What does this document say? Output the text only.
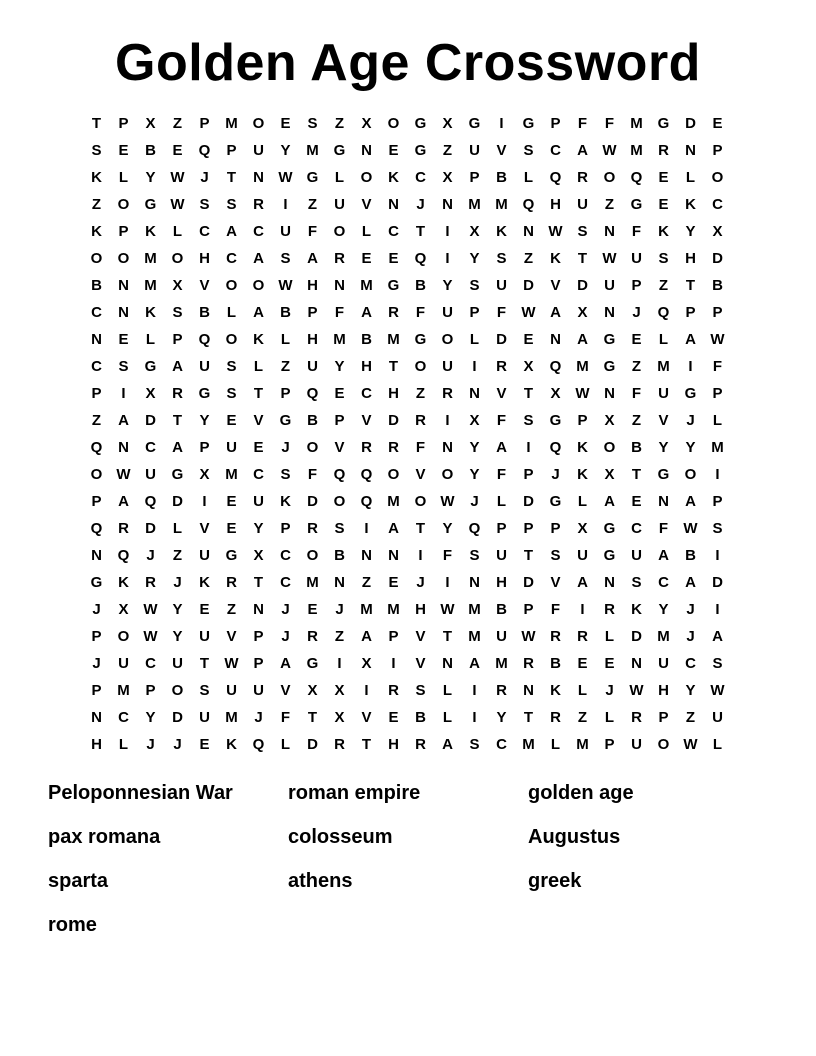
Golden Age Crossword
T	P	X	Z	P	M O	E	S	Z	X	O	G	X	G	I	G	P	F	F	M G	D	E
S	E	B	E	Q	P	U	Y	M G	N	E	G	Z	U	V	S	C	A W M	R	N	P
K	L	Y W	J	T	N W G	L	O	K	C	X	P	B	L	Q	R	O	Q	E	L	O
Z	O	G W S	S	R	I	Z	U	V	N	J	N	M M Q	H	U	Z	G	E	K	C
K	P	K	L	C	A	C	U	F	O	L	C	T	I	X	K	N W S	N	F	K	Y	X
O	O M O	H	C	A	S	A	R	E	E	Q	I	Y	S	Z	K	T	W U	S	H	D
B	N	M	X	V	O	O W H	N	M G	B	Y	S	U	D	V	D	U	P	Z	T	B
C	N	K	S	B	L	A	B	P	F	A	R	F	U	P	F	W A	X	N	J	Q	P	P
N	E	L	P	Q	O	K	L	H	M	B	M G	O	L	D	E	N	A	G	E	L	A W
C	S	G	A	U	S	L	Z	U	Y	H	T	O	U	I	R	X	Q M G	Z	M	I	F
P	I	X	R	G	S	T	P	Q	E	C	H	Z	R	N	V	T	X W N	F	U	G	P
Z	A	D	T	Y	E	V	G	B	P	V	D	R	I	X	F	S	G	P	X	Z	V	J	L
Q	N	C	A	P	U	E	J	O	V	R	R	F	N	Y	A	I	Q	K	O	B	Y	Y	M
O W U	G	X	M	C	S	F	Q	Q	O	V	O	Y	F	P	J	K	X	T	G	O	I
P	A	Q	D	I	E	U	K	D	O	Q M O W	J	L	D	G	L	A	E	N	A	P
Q	R	D	L	V	E	Y	P	R	S	I	A	T	Y	Q	P	P	P	X	G	C	F	W S
N	Q	J	Z	U	G	X	C	O	B	N	N	I	F	S	U	T	S	U	G	U	A	B	I
G	K	R	J	K	R	T	C	M	N	Z	E	J	I	N	H	D	V	A	N	S	C	A	D
J	X W Y	E	Z	N	J	E	J	M M	H W M	B	P	F	I	R	K	Y	J	I
P	O W Y	U	V	P	J	R	Z	A	P	V	T	M	U W R	R	L	D	M	J	A
J	U	C	U	T	W P	A	G	I	X	I	V	N	A	M	R	B	E	E	N	U	C	S
P	M	P	O	S	U	U	V	X	X	I	R	S	L	I	R	N	K	L	J	W H	Y W
N	C	Y	D	U	M	J	F	T	X	V	E	B	L	I	Y	T	R	Z	L	R	P	Z	U
H	L	J	J	E	K	Q	L	D	R	T	H	R	A	S	C	M	L	M	P	U	O W	L
Peloponnesian War	roman empire	golden age
pax romana	colosseum	Augustus
sparta	athens	greek
rome
